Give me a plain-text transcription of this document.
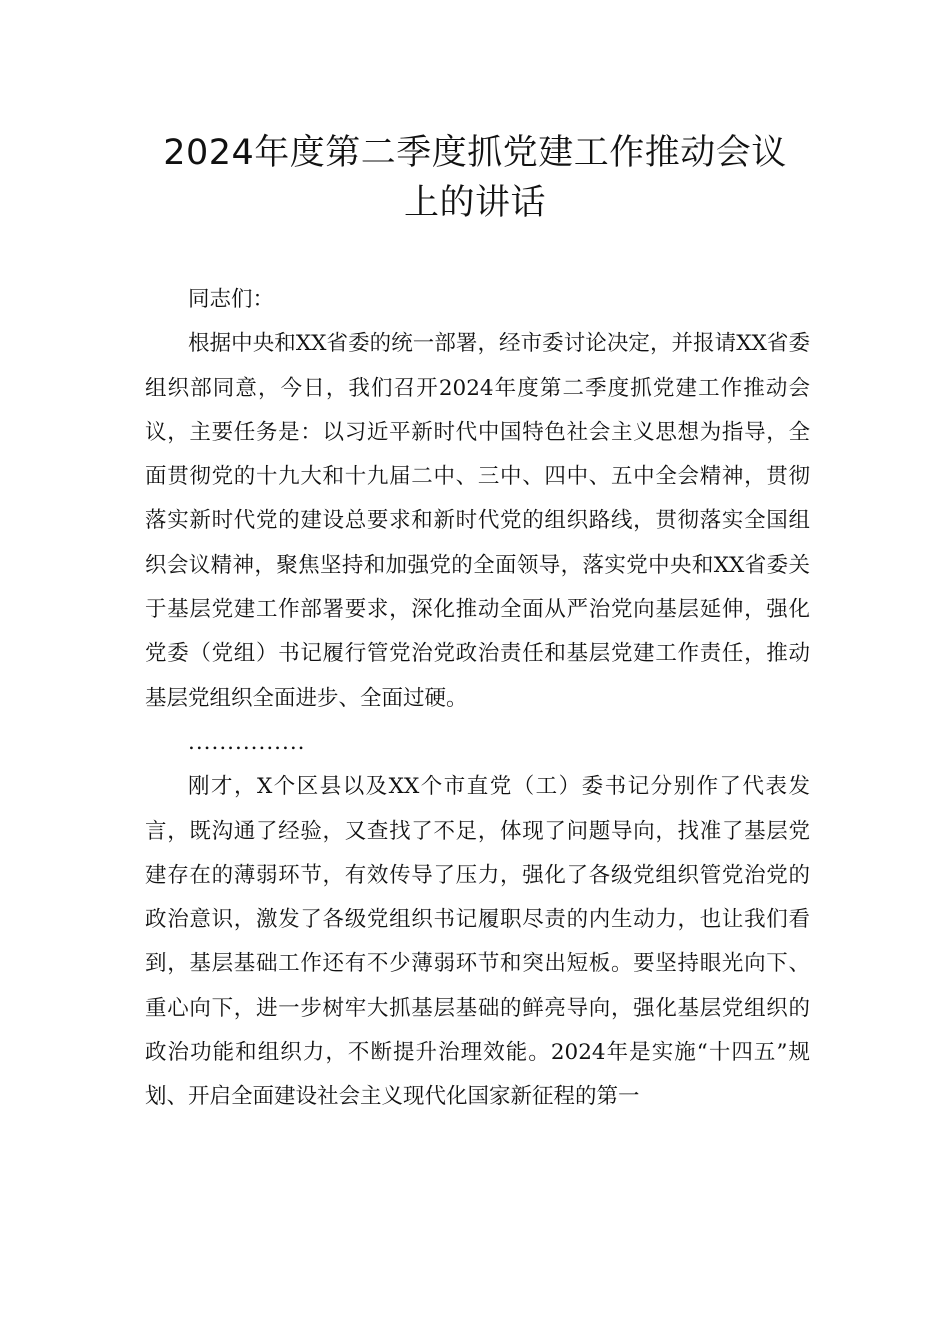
2024年度第二季度抓党建工作推动会议
上的讲话

同志们：

根据中央和XX省委的统一部署，经市委讨论决定，并报请XX省委组织部同意，今日，我们召开2024年度第二季度抓党建工作推动会议，主要任务是：以习近平新时代中国特色社会主义思想为指导，全面贯彻党的十九大和十九届二中、三中、四中、五中全会精神，贯彻落实新时代党的建设总要求和新时代党的组织路线，贯彻落实全国组织会议精神，聚焦坚持和加强党的全面领导，落实党中央和XX省委关于基层党建工作部署要求，深化推动全面从严治党向基层延伸，强化党委（党组）书记履行管党治党政治责任和基层党建工作责任，推动基层党组织全面进步、全面过硬。

...............

刚才，X个区县以及XX个市直党（工）委书记分别作了代表发言，既沟通了经验，又查找了不足，体现了问题导向，找准了基层党建存在的薄弱环节，有效传导了压力，强化了各级党组织管党治党的政治意识，激发了各级党组织书记履职尽责的内生动力，也让我们看到，基层基础工作还有不少薄弱环节和突出短板。要坚持眼光向下、重心向下，进一步树牢大抓基层基础的鲜亮导向，强化基层党组织的政治功能和组织力，不断提升治理效能。2024年是实施“十四五”规划、开启全面建设社会主义现代化国家新征程的第一
